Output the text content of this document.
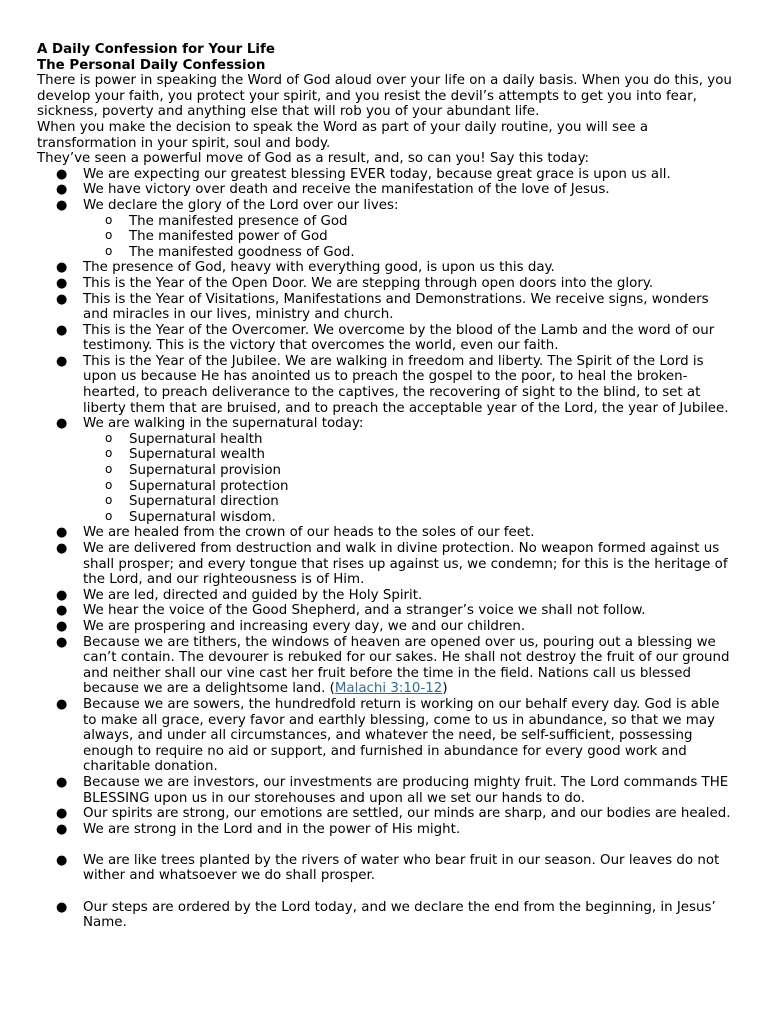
A Daily Confession for Your Life
The Personal Daily Confession
There is power in speaking the Word of God aloud over your life on a daily basis. When you do this, you develop your faith, you protect your spirit, and you resist the devil’s attempts to get you into fear, sickness, poverty and anything else that will rob you of your abundant life.
When you make the decision to speak the Word as part of your daily routine, you will see a transformation in your spirit, soul and body.
They’ve seen a powerful move of God as a result, and, so can you! Say this today:
● We are expecting our greatest blessing EVER today, because great grace is upon us all.
● We have victory over death and receive the manifestation of the love of Jesus.
● We declare the glory of the Lord over our lives:
o The manifested presence of God
o The manifested power of God
o The manifested goodness of God.
● The presence of God, heavy with everything good, is upon us this day.
● This is the Year of the Open Door. We are stepping through open doors into the glory.
● This is the Year of Visitations, Manifestations and Demonstrations. We receive signs, wonders and miracles in our lives, ministry and church.
● This is the Year of the Overcomer. We overcome by the blood of the Lamb and the word of our testimony. This is the victory that overcomes the world, even our faith.
● This is the Year of the Jubilee. We are walking in freedom and liberty. The Spirit of the Lord is upon us because He has anointed us to preach the gospel to the poor, to heal the broken-hearted, to preach deliverance to the captives, the recovering of sight to the blind, to set at liberty them that are bruised, and to preach the acceptable year of the Lord, the year of Jubilee.
● We are walking in the supernatural today:
o Supernatural health
o Supernatural wealth
o Supernatural provision
o Supernatural protection
o Supernatural direction
o Supernatural wisdom.
● We are healed from the crown of our heads to the soles of our feet.
● We are delivered from destruction and walk in divine protection. No weapon formed against us shall prosper; and every tongue that rises up against us, we condemn; for this is the heritage of the Lord, and our righteousness is of Him.
● We are led, directed and guided by the Holy Spirit.
● We hear the voice of the Good Shepherd, and a stranger’s voice we shall not follow.
● We are prospering and increasing every day, we and our children.
● Because we are tithers, the windows of heaven are opened over us, pouring out a blessing we can’t contain. The devourer is rebuked for our sakes. He shall not destroy the fruit of our ground and neither shall our vine cast her fruit before the time in the field. Nations call us blessed because we are a delightsome land. (Malachi 3:10-12)
● Because we are sowers, the hundredfold return is working on our behalf every day. God is able to make all grace, every favor and earthly blessing, come to us in abundance, so that we may always, and under all circumstances, and whatever the need, be self-sufficient, possessing enough to require no aid or support, and furnished in abundance for every good work and charitable donation.
● Because we are investors, our investments are producing mighty fruit. The Lord commands THE BLESSING upon us in our storehouses and upon all we set our hands to do.
● Our spirits are strong, our emotions are settled, our minds are sharp, and our bodies are healed.
● We are strong in the Lord and in the power of His might.
● We are like trees planted by the rivers of water who bear fruit in our season. Our leaves do not wither and whatsoever we do shall prosper.
● Our steps are ordered by the Lord today, and we declare the end from the beginning, in Jesus’ Name.
